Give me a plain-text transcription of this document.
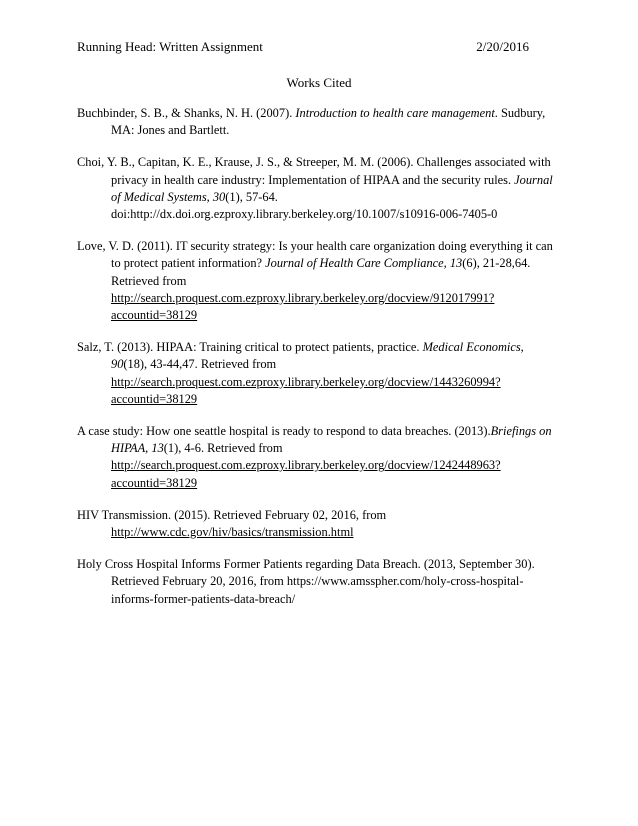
Running Head: Written Assignment	2/20/2016
Works Cited

Buchbinder, S. B., & Shanks, N. H. (2007). Introduction to health care management. Sudbury, MA: Jones and Bartlett.

Choi, Y. B., Capitan, K. E., Krause, J. S., & Streeper, M. M. (2006). Challenges associated with privacy in health care industry: Implementation of HIPAA and the security rules. Journal of Medical Systems, 30(1), 57-64. doi:http://dx.doi.org.ezproxy.library.berkeley.org/10.1007/s10916-006-7405-0

Love, V. D. (2011). IT security strategy: Is your health care organization doing everything it can to protect patient information? Journal of Health Care Compliance, 13(6), 21-28,64. Retrieved from
http://search.proquest.com.ezproxy.library.berkeley.org/docview/912017991?accountid=38129

Salz, T. (2013). HIPAA: Training critical to protect patients, practice. Medical Economics, 90(18), 43-44,47. Retrieved from
http://search.proquest.com.ezproxy.library.berkeley.org/docview/1443260994?accountid=38129

A case study: How one seattle hospital is ready to respond to data breaches. (2013).Briefings on HIPAA, 13(1), 4-6. Retrieved from
http://search.proquest.com.ezproxy.library.berkeley.org/docview/1242448963?accountid=38129

HIV Transmission. (2015). Retrieved February 02, 2016, from
http://www.cdc.gov/hiv/basics/transmission.html

Holy Cross Hospital Informs Former Patients regarding Data Breach. (2013, September 30). Retrieved February 20, 2016, from https://www.amsspher.com/holy-cross-hospital-informs-former-patients-data-breach/
